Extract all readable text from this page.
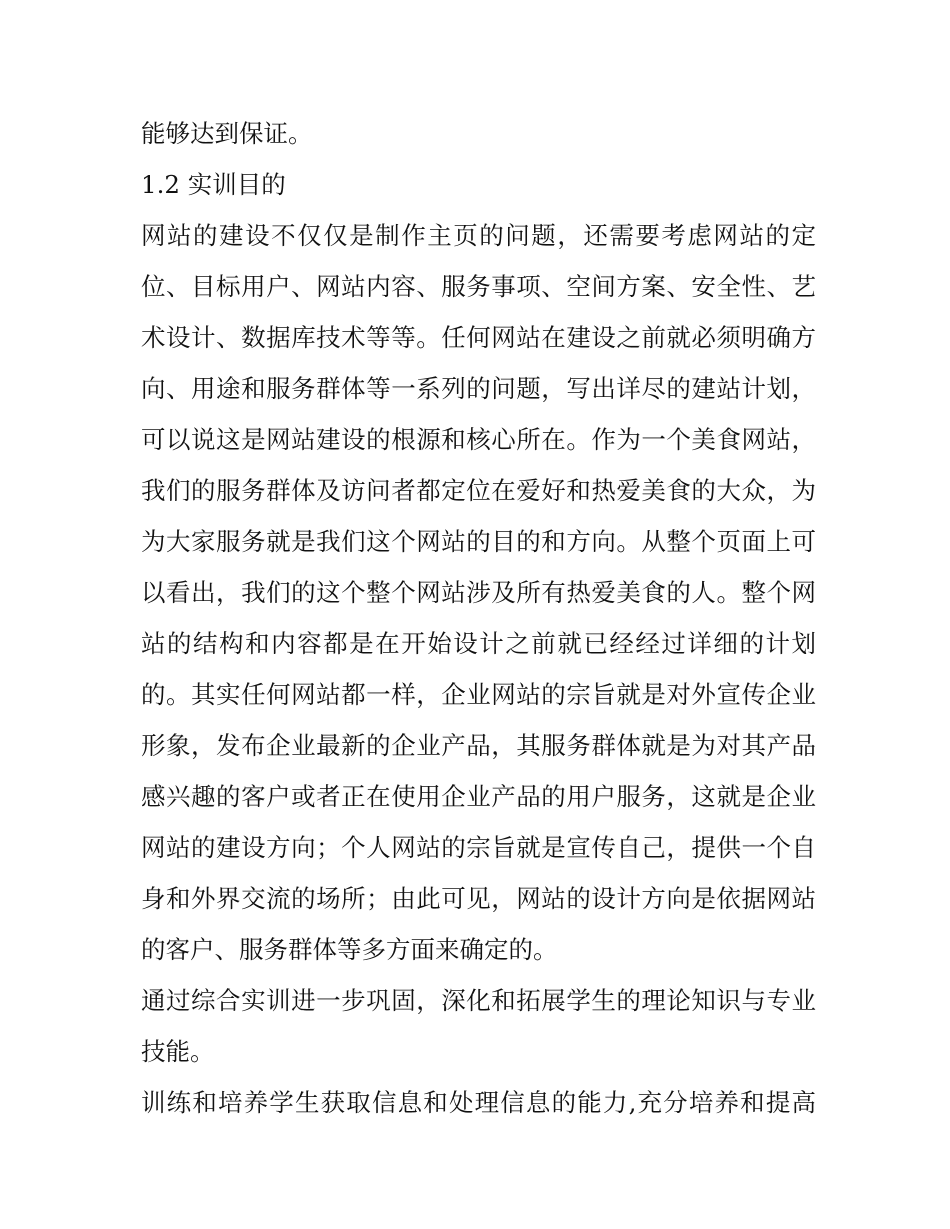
能够达到保证。
1.2 实训目的
网站的建设不仅仅是制作主页的问题，还需要考虑网站的定
位、目标用户、网站内容、服务事项、空间方案、安全性、艺
术设计、数据库技术等等。任何网站在建设之前就必须明确方
向、用途和服务群体等一系列的问题，写出详尽的建站计划，
可以说这是网站建设的根源和核心所在。作为一个美食网站，
我们的服务群体及访问者都定位在爱好和热爱美食的大众，为
为大家服务就是我们这个网站的目的和方向。从整个页面上可
以看出，我们的这个整个网站涉及所有热爱美食的人。整个网
站的结构和内容都是在开始设计之前就已经经过详细的计划
的。其实任何网站都一样，企业网站的宗旨就是对外宣传企业
形象，发布企业最新的企业产品，其服务群体就是为对其产品
感兴趣的客户或者正在使用企业产品的用户服务，这就是企业
网站的建设方向；个人网站的宗旨就是宣传自己，提供一个自
身和外界交流的场所；由此可见，网站的设计方向是依据网站
的客户、服务群体等多方面来确定的。
通过综合实训进一步巩固，深化和拓展学生的理论知识与专业
技能。
训练和培养学生获取信息和处理信息的能力,充分培养和提高
